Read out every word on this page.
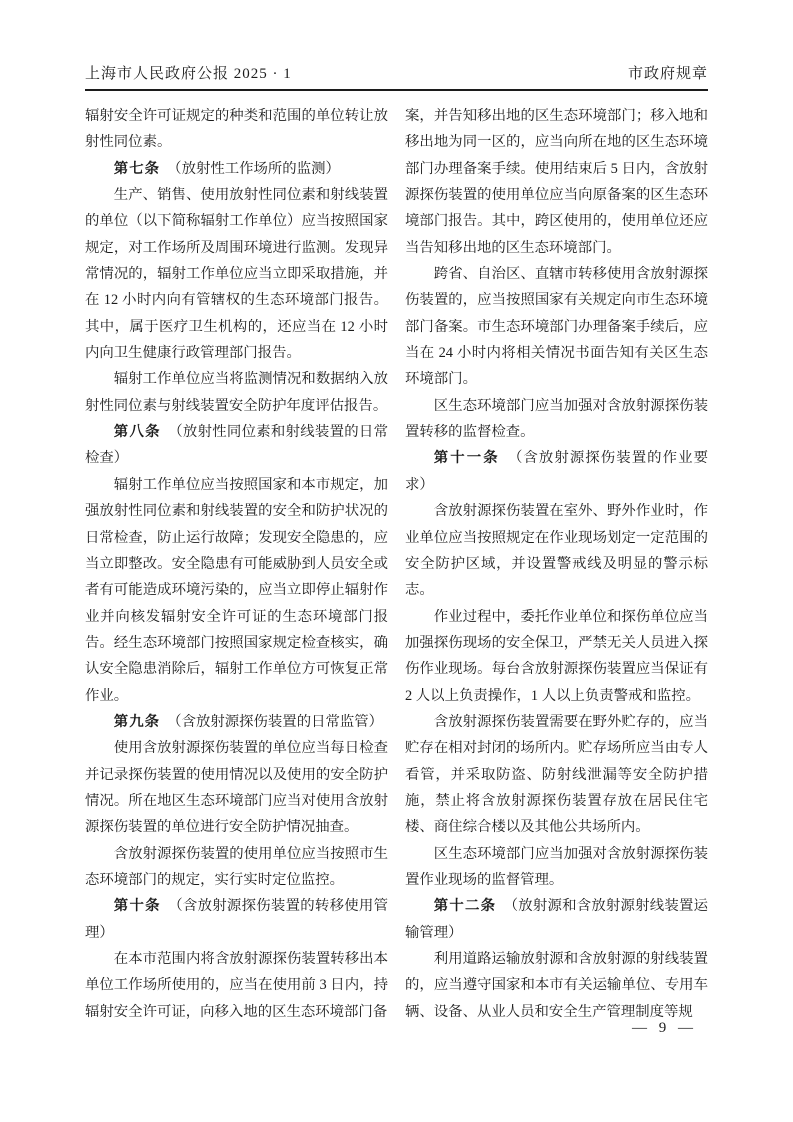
上海市人民政府公报 2025 · 1	市政府规章

辐射安全许可证规定的种类和范围的单位转让放射性同位素。

第七条　（放射性工作场所的监测）

生产、销售、使用放射性同位素和射线装置的单位（以下简称辐射工作单位）应当按照国家规定，对工作场所及周围环境进行监测。发现异常情况的，辐射工作单位应当立即采取措施，并在 12 小时内向有管辖权的生态环境部门报告。其中，属于医疗卫生机构的，还应当在 12 小时内向卫生健康行政管理部门报告。

辐射工作单位应当将监测情况和数据纳入放射性同位素与射线装置安全防护年度评估报告。

第八条　（放射性同位素和射线装置的日常检查）

辐射工作单位应当按照国家和本市规定，加强放射性同位素和射线装置的安全和防护状况的日常检查，防止运行故障；发现安全隐患的，应当立即整改。安全隐患有可能威胁到人员安全或者有可能造成环境污染的，应当立即停止辐射作业并向核发辐射安全许可证的生态环境部门报告。经生态环境部门按照国家规定检查核实，确认安全隐患消除后，辐射工作单位方可恢复正常作业。

第九条　（含放射源探伤装置的日常监管）

使用含放射源探伤装置的单位应当每日检查并记录探伤装置的使用情况以及使用的安全防护情况。所在地区生态环境部门应当对使用含放射源探伤装置的单位进行安全防护情况抽查。

含放射源探伤装置的使用单位应当按照市生态环境部门的规定，实行实时定位监控。

第十条　（含放射源探伤装置的转移使用管理）

在本市范围内将含放射源探伤装置转移出本单位工作场所使用的，应当在使用前 3 日内，持辐射安全许可证，向移入地的区生态环境部门备

案，并告知移出地的区生态环境部门；移入地和移出地为同一区的，应当向所在地的区生态环境部门办理备案手续。使用结束后 5 日内，含放射源探伤装置的使用单位应当向原备案的区生态环境部门报告。其中，跨区使用的，使用单位还应当告知移出地的区生态环境部门。

跨省、自治区、直辖市转移使用含放射源探伤装置的，应当按照国家有关规定向市生态环境部门备案。市生态环境部门办理备案手续后，应当在 24 小时内将相关情况书面告知有关区生态环境部门。

区生态环境部门应当加强对含放射源探伤装置转移的监督检查。

第十一条　（含放射源探伤装置的作业要求）

含放射源探伤装置在室外、野外作业时，作业单位应当按照规定在作业现场划定一定范围的安全防护区域，并设置警戒线及明显的警示标志。

作业过程中，委托作业单位和探伤单位应当加强探伤现场的安全保卫，严禁无关人员进入探伤作业现场。每台含放射源探伤装置应当保证有 2 人以上负责操作，1 人以上负责警戒和监控。

含放射源探伤装置需要在野外贮存的，应当贮存在相对封闭的场所内。贮存场所应当由专人看管，并采取防盗、防射线泄漏等安全防护措施，禁止将含放射源探伤装置存放在居民住宅楼、商住综合楼以及其他公共场所内。

区生态环境部门应当加强对含放射源探伤装置作业现场的监督管理。

第十二条　（放射源和含放射源射线装置运输管理）

利用道路运输放射源和含放射源的射线装置的，应当遵守国家和本市有关运输单位、专用车辆、设备、从业人员和安全生产管理制度等规

— 9 —
